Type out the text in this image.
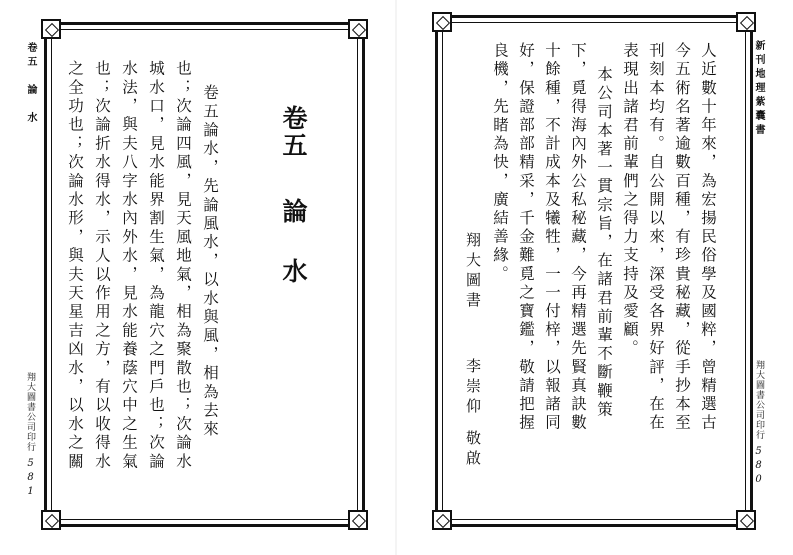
卷五　論　水
翔大圖書公司印行
581
卷五
論
水
卷五論水，先論風水，以水與風，相為去來
也；次論四風，見天風地氣，相為聚散也；次論水
城水口，見水能界割生氣，為龍穴之門戶也；次論
水法，與夫八字水內外水，見水能養蔭穴中之生氣
也；次論折水得水，示人以作用之方，有以收得水
之全功也；次論水形，與夫天星吉凶水，以水之關	新刊地理紫囊書
翔大圖書公司印行
580
人近數十年來，為宏揚民俗學及國粹，曾精選古
今五術名著逾數百種，有珍貴秘藏，從手抄本至
刊刻本均有。自公開以來，深受各界好評，在在
表現出諸君前輩們之得力支持及愛顧。
本公司本著一貫宗旨，在諸君前輩不斷鞭策
下，覓得海內外公私秘藏，今再精選先賢真訣數
十餘種，不計成本及犧牲，一一付梓，以報諸同
好，保證部部精采，千金難覓之寶鑑，敬請把握
良機，先睹為快，廣結善緣。
翔大圖書
李崇仰
敬啟
